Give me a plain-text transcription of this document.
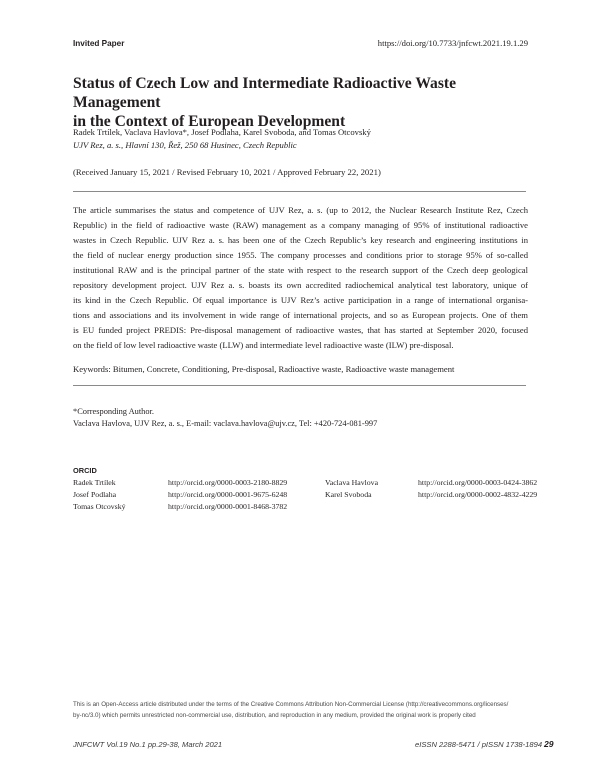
Invited Paper	https://doi.org/10.7733/jnfcwt.2021.19.1.29
Status of Czech Low and Intermediate Radioactive Waste Management
in the Context of European Development
Radek Trtílek, Vaclava Havlova*, Josef Podlaha, Karel Svoboda, and Tomas Otcovský
UJV Rez, a. s., Hlavní 130, Řež, 250 68 Husinec, Czech Republic
(Received January 15, 2021 / Revised February 10, 2021 / Approved February 22, 2021)
The article summarises the status and competence of UJV Rez, a. s. (up to 2012, the Nuclear Research Institute Rez, Czech
Republic) in the field of radioactive waste (RAW) management as a company managing of 95% of institutional radioactive
wastes in Czech Republic. UJV Rez a. s. has been one of the Czech Republic’s key research and engineering institutions in
the field of nuclear energy production since 1955. The company processes and conditions prior to storage 95% of so-called
institutional RAW and is the principal partner of the state with respect to the research support of the Czech deep geological
repository development project. UJV Rez a. s. boasts its own accredited radiochemical analytical test laboratory, unique of
its kind in the Czech Republic. Of equal importance is UJV Rez’s active participation in a range of international organisa-
tions and associations and its involvement in wide range of international projects, and so as European projects. One of them
is EU funded project PREDIS: Pre-disposal management of radioactive wastes, that has started at September 2020, focused
on the field of low level radioactive waste (LLW) and intermediate level radioactive waste (ILW) pre-disposal.
Keywords: Bitumen, Concrete, Conditioning, Pre-disposal, Radioactive waste, Radioactive waste management
*Corresponding Author.
Vaclava Havlova, UJV Rez, a. s., E-mail: vaclava.havlova@ujv.cz, Tel: +420-724-081-997
ORCID
Radek Trtílek	http://orcid.org/0000-0003-2180-8829	Vaclava Havlova	http://orcid.org/0000-0003-0424-3862
Josef Podlaha	http://orcid.org/0000-0001-9675-6248	Karel Svoboda	http://orcid.org/0000-0002-4832-4229
Tomas Otcovský	http://orcid.org/0000-0001-8468-3782
This is an Open-Access article distributed under the terms of the Creative Commons Attribution Non-Commercial License (http://creativecommons.org/licenses/
by-nc/3.0) which permits unrestricted non-commercial use, distribution, and reproduction in any medium, provided the original work is properly cited
JNFCWT Vol.19 No.1 pp.29-38, March 2021	eISSN 2288-5471 / pISSN 1738-1894 29
